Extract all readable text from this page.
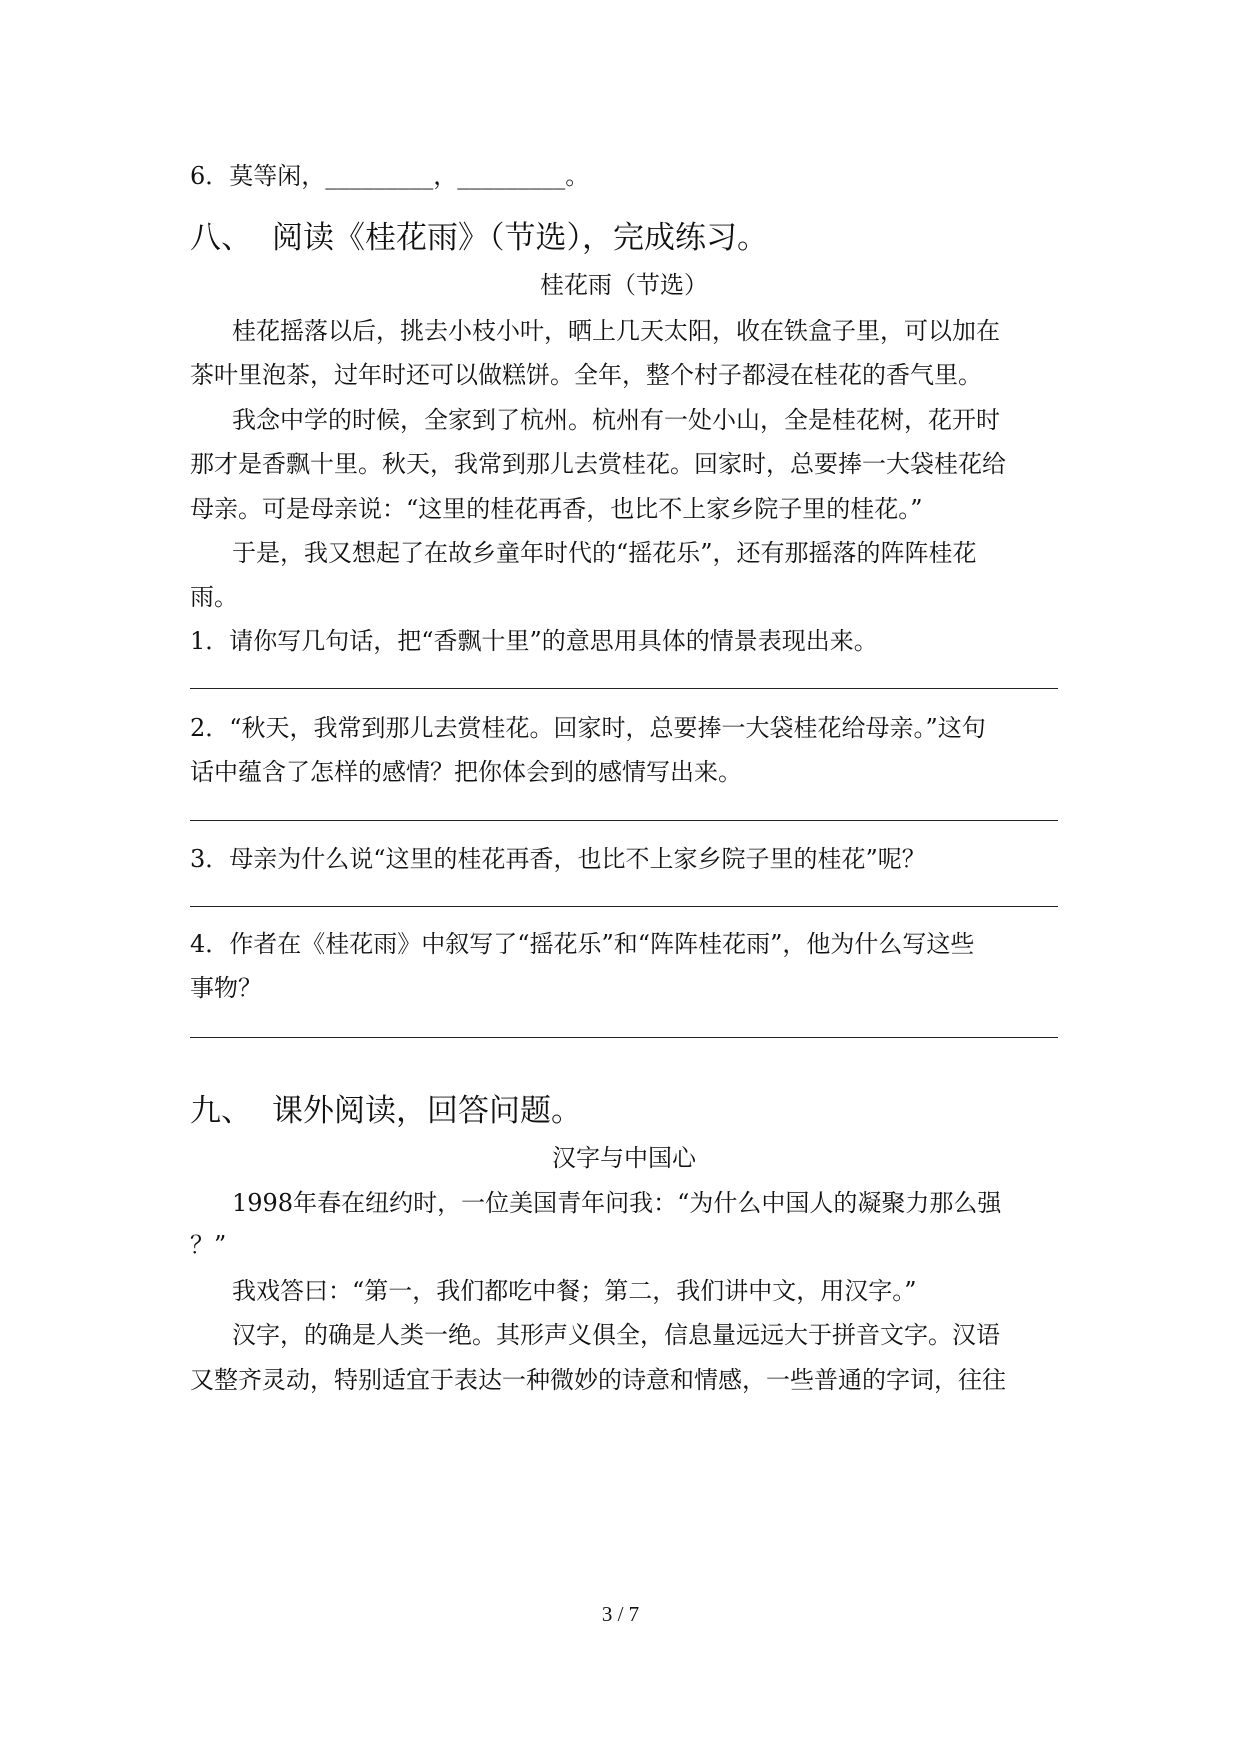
6．莫等闲，_________，_________。
八、 阅读《桂花雨》（节选），完成练习。
桂花雨（节选）
桂花摇落以后，挑去小枝小叶，晒上几天太阳，收在铁盒子里，可以加在
茶叶里泡茶，过年时还可以做糕饼。全年，整个村子都浸在桂花的香气里。
我念中学的时候，全家到了杭州。杭州有一处小山，全是桂花树，花开时
那才是香飘十里。秋天，我常到那儿去赏桂花。回家时，总要捧一大袋桂花给
母亲。可是母亲说：“这里的桂花再香，也比不上家乡院子里的桂花。”
于是，我又想起了在故乡童年时代的“摇花乐”，还有那摇落的阵阵桂花
雨。
1．请你写几句话，把“香飘十里”的意思用具体的情景表现出来。
2．“秋天，我常到那儿去赏桂花。回家时，总要捧一大袋桂花给母亲。”这句
话中蕴含了怎样的感情？把你体会到的感情写出来。
3．母亲为什么说“这里的桂花再香，也比不上家乡院子里的桂花”呢？
4．作者在《桂花雨》中叙写了“摇花乐”和“阵阵桂花雨”，他为什么写这些
事物？
九、 课外阅读，回答问题。
汉字与中国心
1998年春在纽约时，一位美国青年问我：“为什么中国人的凝聚力那么强
？”
我戏答曰：“第一，我们都吃中餐；第二，我们讲中文，用汉字。”
汉字，的确是人类一绝。其形声义俱全，信息量远远大于拼音文字。汉语
又整齐灵动，特别适宜于表达一种微妙的诗意和情感，一些普通的字词，往往
3 / 7
